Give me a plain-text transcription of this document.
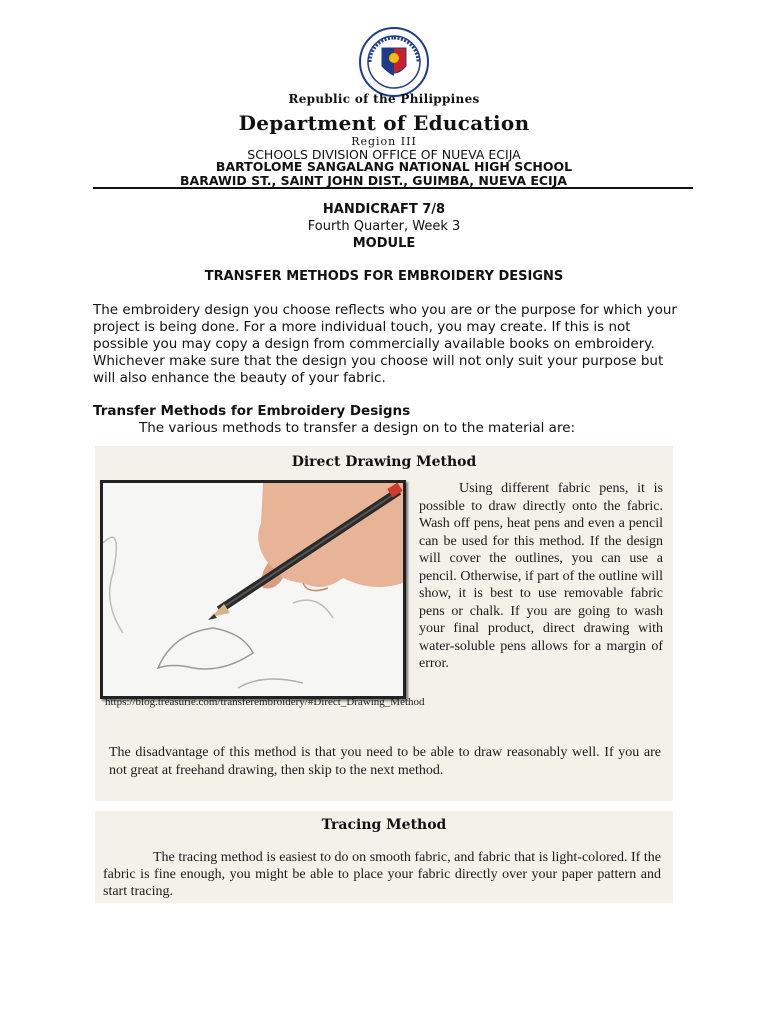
Republic of the Philippines
Department of Education
Region III
SCHOOLS DIVISION OFFICE OF NUEVA ECIJA
BARTOLOME SANGALANG NATIONAL HIGH SCHOOL
BARAWID ST., SAINT JOHN DIST., GUIMBA, NUEVA ECIJA
HANDICRAFT 7/8
Fourth Quarter, Week 3
MODULE
TRANSFER METHODS FOR EMBROIDERY DESIGNS
The embroidery design you choose reflects who you are or the purpose for which your project is being done. For a more individual touch, you may create. If this is not possible you may copy a design from commercially available books on embroidery. Whichever make sure that the design you choose will not only suit your purpose but will also enhance the beauty of your fabric.
Transfer Methods for Embroidery Designs
The various methods to transfer a design on to the material are:
Direct Drawing Method
https://blog.treasurie.com/transferembroidery/#Direct_Drawing_Method
Using different fabric pens, it is possible to draw directly onto the fabric. Wash off pens, heat pens and even a pencil can be used for this method. If the design will cover the outlines, you can use a pencil. Otherwise, if part of the outline will show, it is best to use removable fabric pens or chalk. If you are going to wash your final product, direct drawing with water-soluble pens allows for a margin of error.
The disadvantage of this method is that you need to be able to draw reasonably well. If you are not great at freehand drawing, then skip to the next method.
Tracing Method
The tracing method is easiest to do on smooth fabric, and fabric that is light-colored. If the fabric is fine enough, you might be able to place your fabric directly over your paper pattern and start tracing.
